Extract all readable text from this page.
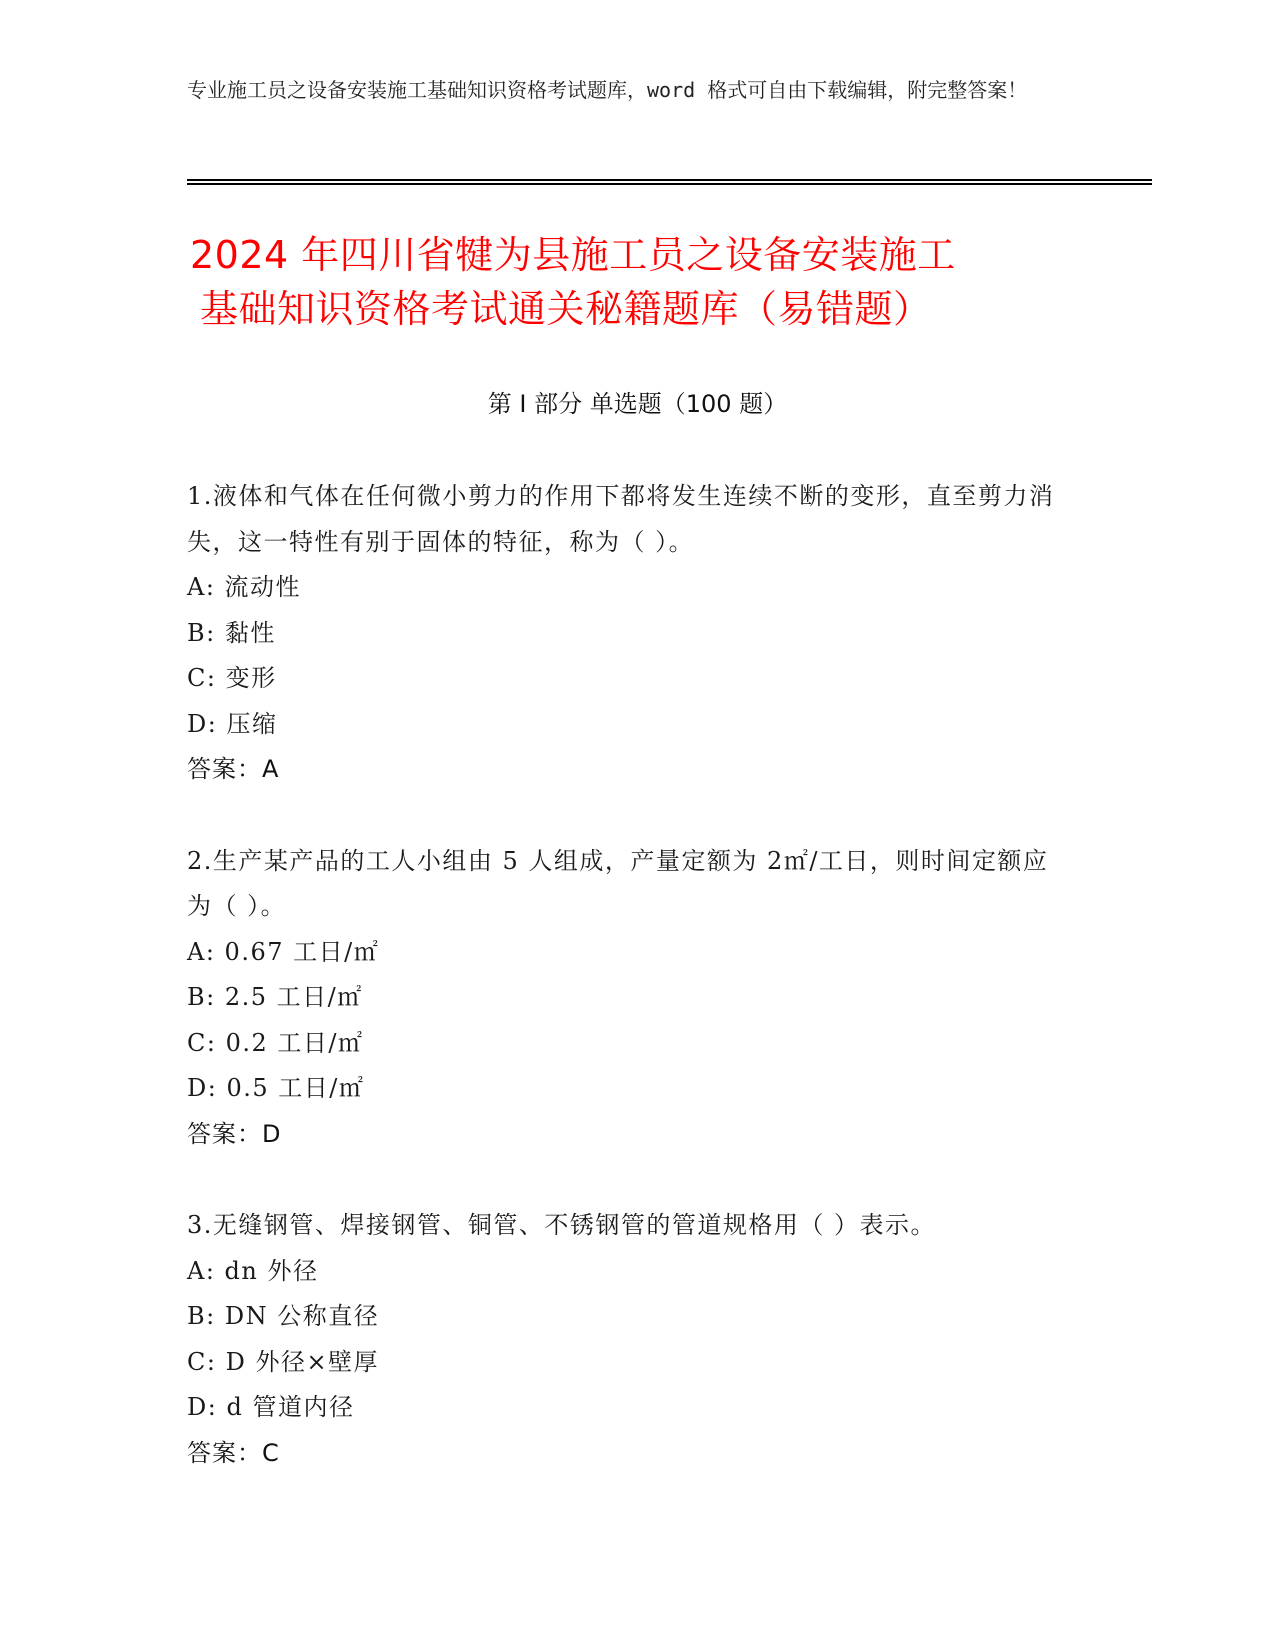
专业施工员之设备安装施工基础知识资格考试题库，word 格式可自由下载编辑，附完整答案！
2024 年四川省犍为县施工员之设备安装施工
基础知识资格考试通关秘籍题库（易错题）
第 I 部分 单选题（100 题）

1.液体和气体在任何微小剪力的作用下都将发生连续不断的变形，直至剪力消失，这一特性有别于固体的特征，称为（ ）。

A: 流动性
B: 黏性
C: 变形
D: 压缩
答案：A

2.生产某产品的工人小组由 5 人组成，产量定额为 2㎡/工日，则时间定额应为（ ）。

A: 0.67 工日/㎡
B: 2.5 工日/㎡
C: 0.2 工日/㎡
D: 0.5 工日/㎡
答案：D

3.无缝钢管、焊接钢管、铜管、不锈钢管的管道规格用（ ）表示。

A: dn 外径
B: DN 公称直径
C: D 外径×壁厚
D: d 管道内径
答案：C
